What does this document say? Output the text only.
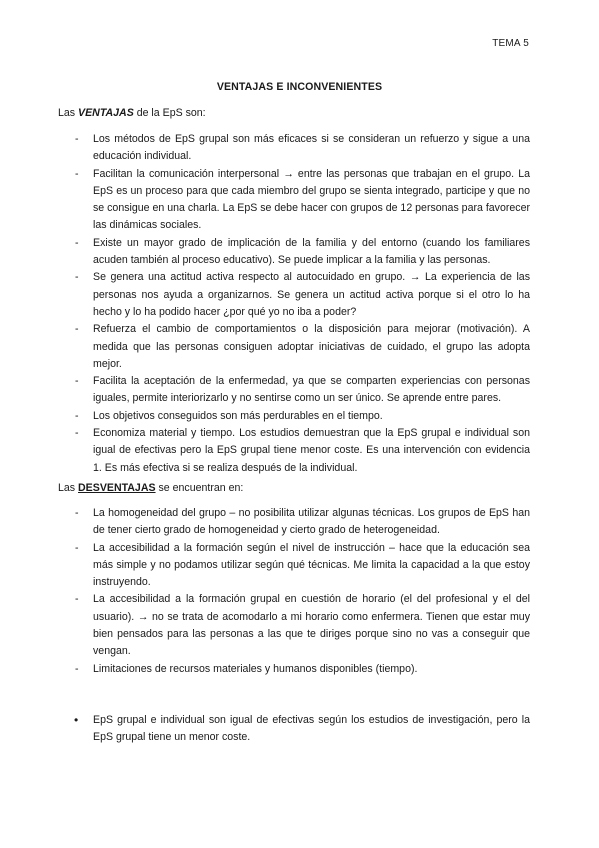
TEMA 5
VENTAJAS E INCONVENIENTES
Las VENTAJAS de la EpS son:
- Los métodos de EpS grupal son más eficaces si se consideran un refuerzo y sigue a una educación individual.
- Facilitan la comunicación interpersonal → entre las personas que trabajan en el grupo. La EpS es un proceso para que cada miembro del grupo se sienta integrado, participe y que no se consigue en una charla. La EpS se debe hacer con grupos de 12 personas para favorecer las dinámicas sociales.
- Existe un mayor grado de implicación de la familia y del entorno (cuando los familiares acuden también al proceso educativo). Se puede implicar a la familia y las personas.
- Se genera una actitud activa respecto al autocuidado en grupo. → La experiencia de las personas nos ayuda a organizarnos. Se genera un actitud activa porque si el otro lo ha hecho y lo ha podido hacer ¿por qué yo no iba a poder?
- Refuerza el cambio de comportamientos o la disposición para mejorar (motivación). A medida que las personas consiguen adoptar iniciativas de cuidado, el grupo las adopta mejor.
- Facilita la aceptación de la enfermedad, ya que se comparten experiencias con personas iguales, permite interiorizarlo y no sentirse como un ser único. Se aprende entre pares.
- Los objetivos conseguidos son más perdurables en el tiempo.
- Economiza material y tiempo. Los estudios demuestran que la EpS grupal e individual son igual de efectivas pero la EpS grupal tiene menor coste. Es una intervención con evidencia 1. Es más efectiva si se realiza después de la individual.
Las DESVENTAJAS se encuentran en:
- La homogeneidad del grupo – no posibilita utilizar algunas técnicas. Los grupos de EpS han de tener cierto grado de homogeneidad y cierto grado de heterogeneidad.
- La accesibilidad a la formación según el nivel de instrucción – hace que la educación sea más simple y no podamos utilizar según qué técnicas. Me limita la capacidad a la que estoy instruyendo.
- La accesibilidad a la formación grupal en cuestión de horario (el del profesional y el del usuario). → no se trata de acomodarlo a mi horario como enfermera. Tienen que estar muy bien pensados para las personas a las que te diriges porque sino no vas a conseguir que vengan.
- Limitaciones de recursos materiales y humanos disponibles (tiempo).
• EpS grupal e individual son igual de efectivas según los estudios de investigación, pero la EpS grupal tiene un menor coste.
